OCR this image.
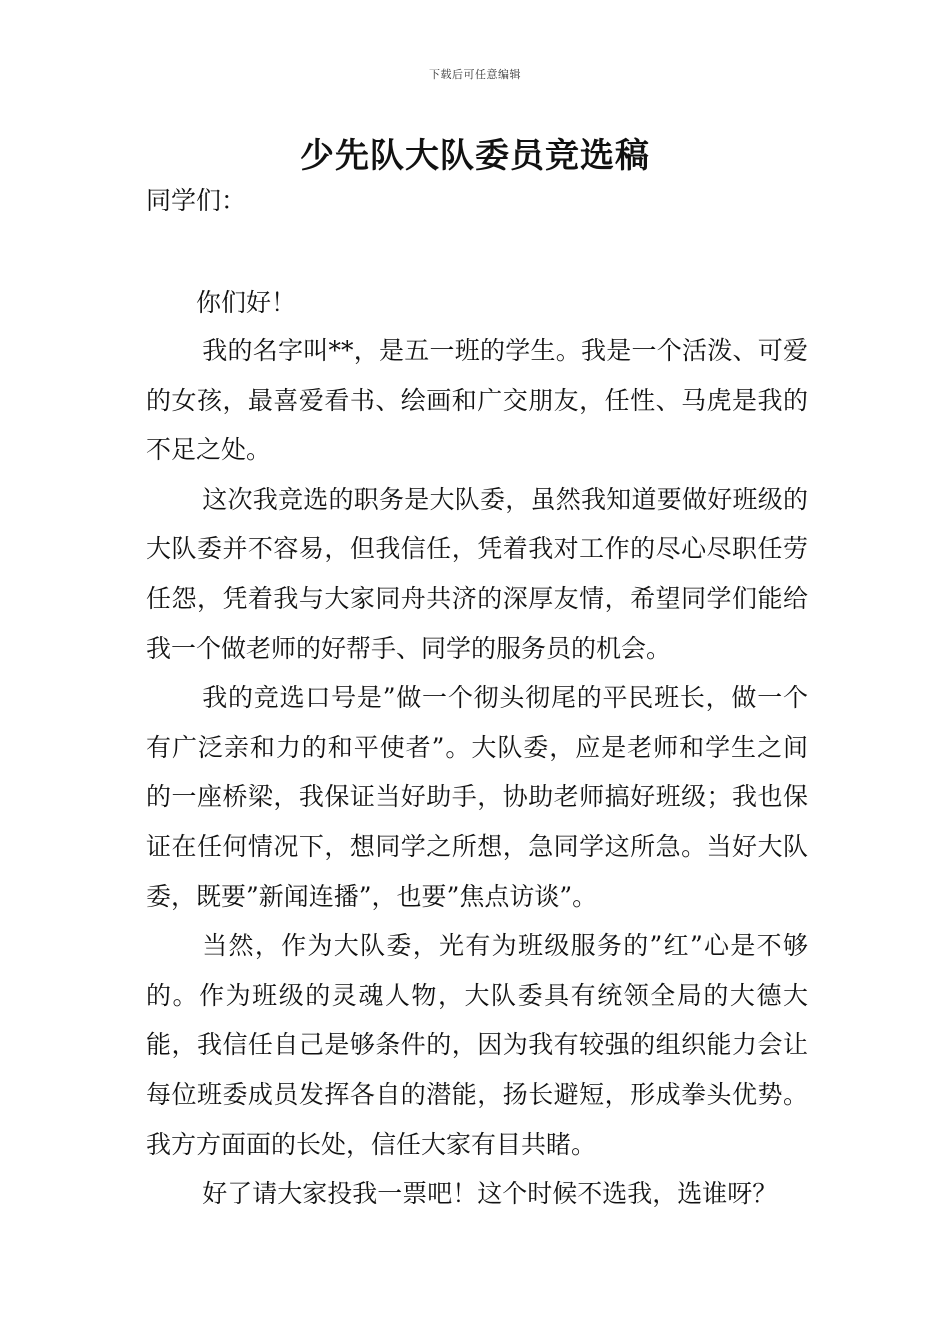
下载后可任意编辑
少先队大队委员竞选稿

同学们：

你们好！

我的名字叫**，是五一班的学生。我是一个活泼、可爱的女孩，最喜爱看书、绘画和广交朋友，任性、马虎是我的不足之处。

这次我竞选的职务是大队委，虽然我知道要做好班级的大队委并不容易，但我信任，凭着我对工作的尽心尽职任劳任怨，凭着我与大家同舟共济的深厚友情，希望同学们能给我一个做老师的好帮手、同学的服务员的机会。

我的竞选口号是”做一个彻头彻尾的平民班长，做一个有广泛亲和力的和平使者”。大队委，应是老师和学生之间的一座桥梁，我保证当好助手，协助老师搞好班级；我也保证在任何情况下，想同学之所想，急同学这所急。当好大队委，既要”新闻连播”，也要”焦点访谈”。

当然，作为大队委，光有为班级服务的”红”心是不够的。作为班级的灵魂人物，大队委具有统领全局的大德大能，我信任自己是够条件的，因为我有较强的组织能力会让每位班委成员发挥各自的潜能，扬长避短，形成拳头优势。我方方面面的长处，信任大家有目共睹。

好了请大家投我一票吧！这个时候不选我，选谁呀？
